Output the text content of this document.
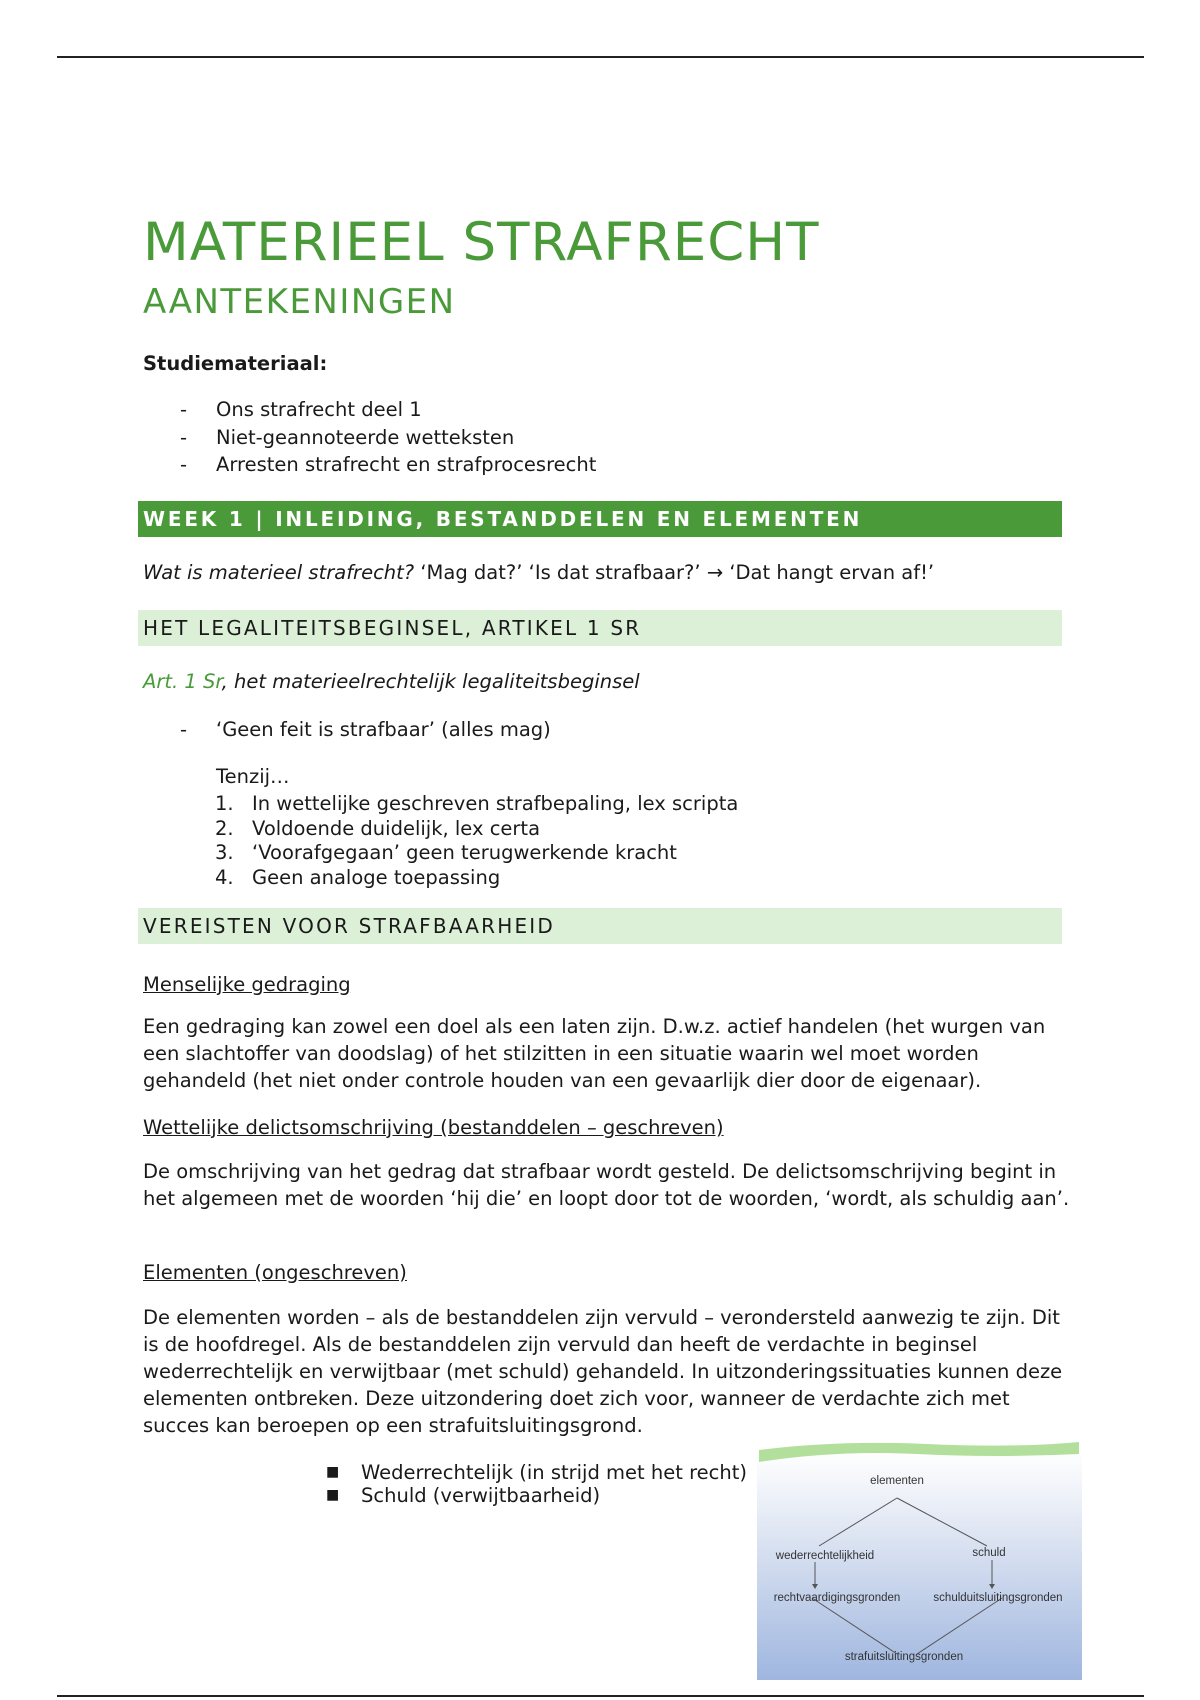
MATERIEEL STRAFRECHT
AANTEKENINGEN
Studiemateriaal:
- Ons strafrecht deel 1
- Niet-geannoteerde wetteksten
- Arresten strafrecht en strafprocesrecht
WEEK 1 | INLEIDING, BESTANDDELEN EN ELEMENTEN
Wat is materieel strafrecht? ‘Mag dat?’ ‘Is dat strafbaar?’ → ‘Dat hangt ervan af!’
HET LEGALITEITSBEGINSEL, ARTIKEL 1 SR
Art. 1 Sr, het materieelrechtelijk legaliteitsbeginsel
- ‘Geen feit is strafbaar’ (alles mag)
Tenzij…
1. In wettelijke geschreven strafbepaling, lex scripta
2. Voldoende duidelijk, lex certa
3. ‘Voorafgegaan’ geen terugwerkende kracht
4. Geen analoge toepassing
VEREISTEN VOOR STRAFBAARHEID
Menselijke gedraging
Een gedraging kan zowel een doel als een laten zijn. D.w.z. actief handelen (het wurgen van een slachtoffer van doodslag) of het stilzitten in een situatie waarin wel moet worden gehandeld (het niet onder controle houden van een gevaarlijk dier door de eigenaar).
Wettelijke delictsomschrijving (bestanddelen – geschreven)
De omschrijving van het gedrag dat strafbaar wordt gesteld. De delictsomschrijving begint in het algemeen met de woorden ‘hij die’ en loopt door tot de woorden, ‘wordt, als schuldig aan’.
Elementen (ongeschreven)
De elementen worden – als de bestanddelen zijn vervuld – verondersteld aanwezig te zijn. Dit is de hoofdregel. Als de bestanddelen zijn vervuld dan heeft de verdachte in beginsel wederrechtelijk en verwijtbaar (met schuld) gehandeld. In uitzonderingssituaties kunnen deze elementen ontbreken. Deze uitzondering doet zich voor, wanneer de verdachte zich met succes kan beroepen op een strafuitsluitingsgrond.
■ Wederrechtelijk (in strijd met het recht)
■ Schuld (verwijtbaarheid)
elementen
wederrechtelijkheid	schuld
rechtvaardigingsgronden	schulduitsluitingsgronden
strafuitsluitingsgronden
